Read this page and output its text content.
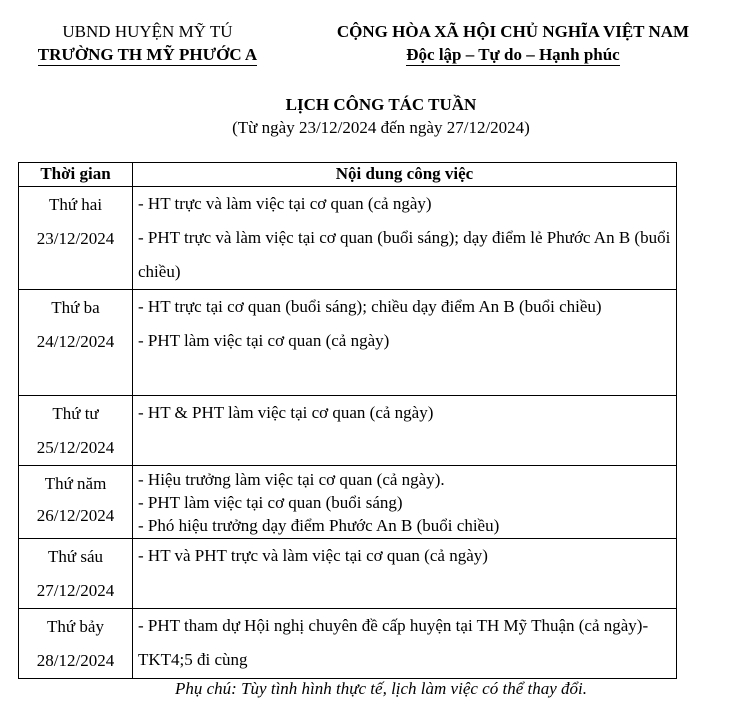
UBND HUYỆN MỸ TÚ
TRƯỜNG TH MỸ PHƯỚC A
CỘNG HÒA XÃ HỘI CHỦ NGHĨA VIỆT NAM
Độc lập – Tự do – Hạnh phúc
LỊCH CÔNG TÁC TUẦN
(Từ ngày 23/12/2024 đến ngày 27/12/2024)
Thời gian	Nội dung công việc

Thứ hai
23/12/2024	- HT trực và làm việc tại cơ quan (cả ngày)
- PHT trực và làm việc tại cơ quan (buổi sáng); dạy điểm lẻ Phước An B (buổi chiều)

Thứ ba
24/12/2024	- HT trực tại cơ quan (buổi sáng); chiều dạy điểm An B (buổi chiều)
- PHT làm việc tại cơ quan (cả ngày)

Thứ tư
25/12/2024	- HT & PHT làm việc tại cơ quan (cả ngày)

Thứ năm
26/12/2024	- Hiệu trưởng làm việc tại cơ quan (cả ngày).
- PHT làm việc tại cơ quan (buổi sáng)
- Phó hiệu trưởng dạy điểm Phước An B (buổi chiều)

Thứ sáu
27/12/2024	- HT và PHT trực và làm việc tại cơ quan (cả ngày)

Thứ bảy
28/12/2024	- PHT tham dự Hội nghị chuyên đề cấp huyện tại TH Mỹ Thuận (cả ngày)- TKT4;5 đi cùng
Phụ chú: Tùy tình hình thực tế, lịch làm việc có thể thay đổi.
